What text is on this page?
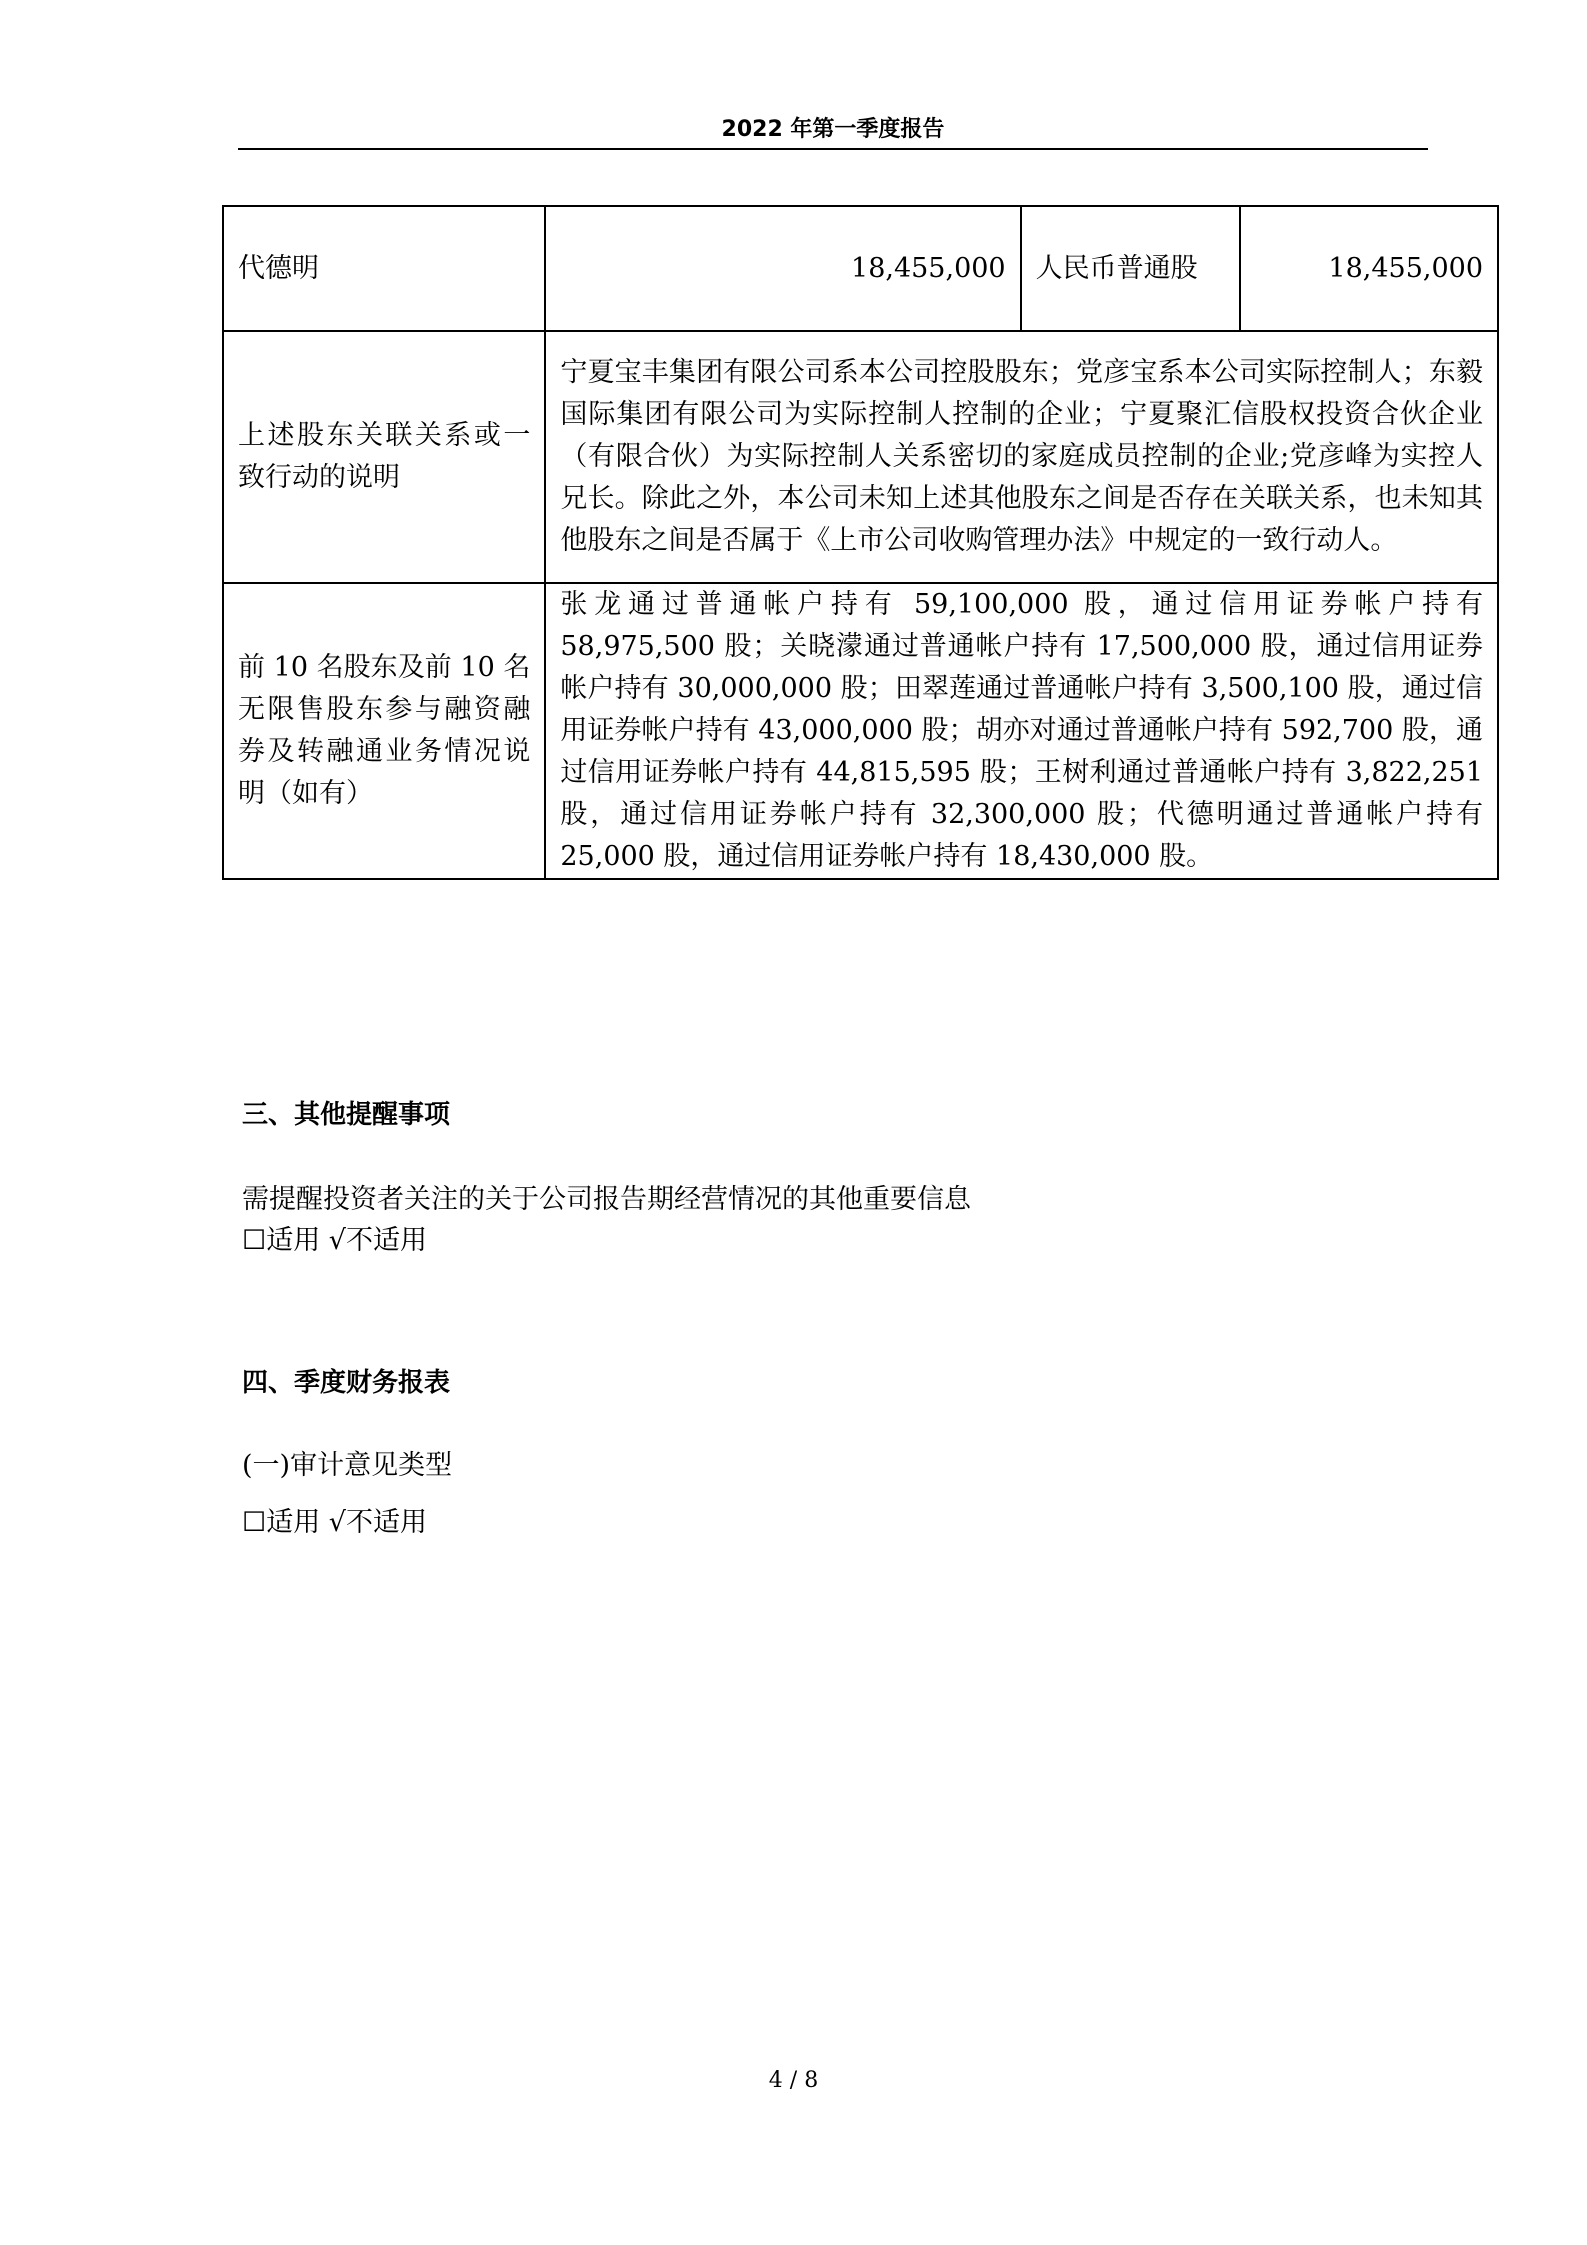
2022 年第一季度报告
代德明	18,455,000	人民币普通股	18,455,000
上述股东关联关系或一致行动的说明	宁夏宝丰集团有限公司系本公司控股股东；党彦宝系本公司实际控制人；东毅国际集团有限公司为实际控制人控制的企业；宁夏聚汇信股权投资合伙企业（有限合伙）为实际控制人关系密切的家庭成员控制的企业;党彦峰为实控人兄长。除此之外，本公司未知上述其他股东之间是否存在关联关系，也未知其他股东之间是否属于《上市公司收购管理办法》中规定的一致行动人。		
前 10 名股东及前 10 名无限售股东参与融资融券及转融通业务情况说明（如有）	张龙通过普通帐户持有 59,100,000 股，通过信用证券帐户持有 58,975,500 股；关晓濛通过普通帐户持有 17,500,000 股，通过信用证券帐户持有 30,000,000 股；田翠莲通过普通帐户持有 3,500,100 股，通过信用证券帐户持有 43,000,000 股；胡亦对通过普通帐户持有 592,700 股，通过信用证券帐户持有 44,815,595 股；王树利通过普通帐户持有 3,822,251 股，通过信用证券帐户持有 32,300,000 股；代德明通过普通帐户持有 25,000 股，通过信用证券帐户持有 18,430,000 股。		
三、其他提醒事项
需提醒投资者关注的关于公司报告期经营情况的其他重要信息
☐适用 √不适用
四、季度财务报表
(一)审计意见类型
☐适用 √不适用
4 / 8
